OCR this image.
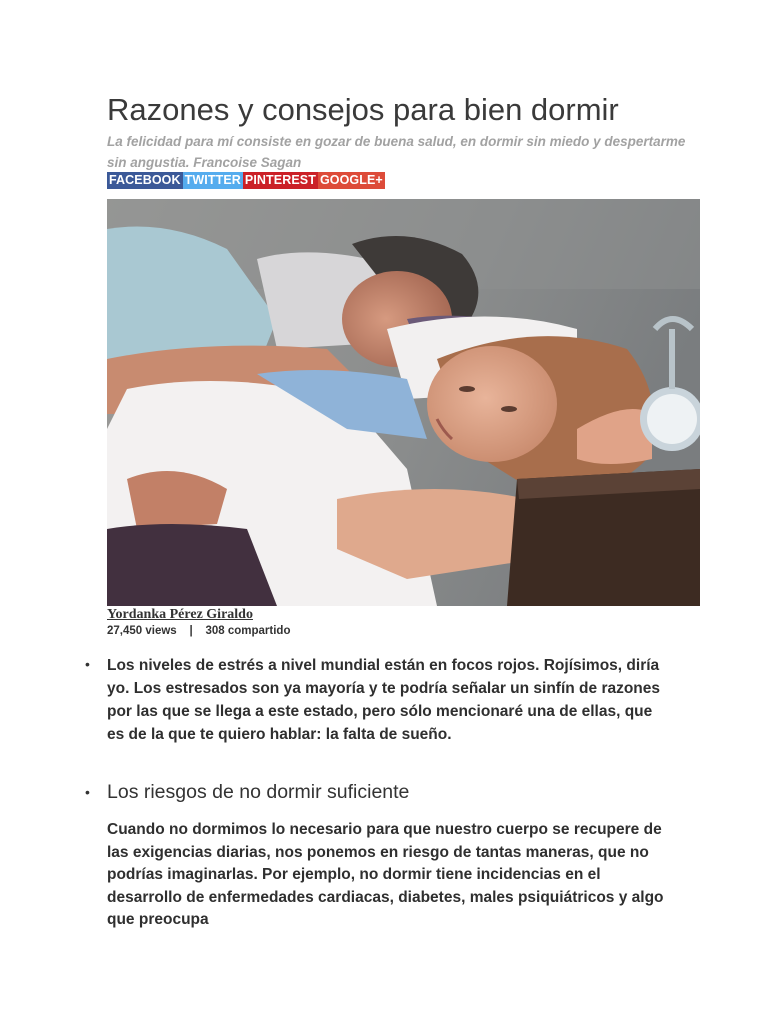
Razones y consejos para bien dormir

La felicidad para mí consiste en gozar de buena salud, en dormir sin miedo y despertarme sin angustia. Francoise Sagan

FACEBOOK TWITTER PINTEREST GOOGLE+

Yordanka Pérez Giraldo

27,450 views | 308 compartido

• Los niveles de estrés a nivel mundial están en focos rojos. Rojísimos, diría yo. Los estresados son ya mayoría y te podría señalar un sinfín de razones por las que se llega a este estado, pero sólo mencionaré una de ellas, que es de la que te quiero hablar: la falta de sueño.

• Los riesgos de no dormir suficiente

Cuando no dormimos lo necesario para que nuestro cuerpo se recupere de las exigencias diarias, nos ponemos en riesgo de tantas maneras, que no podrías imaginarlas. Por ejemplo, no dormir tiene incidencias en el desarrollo de enfermedades cardiacas, diabetes, males psiquiátricos y algo que preocupa
